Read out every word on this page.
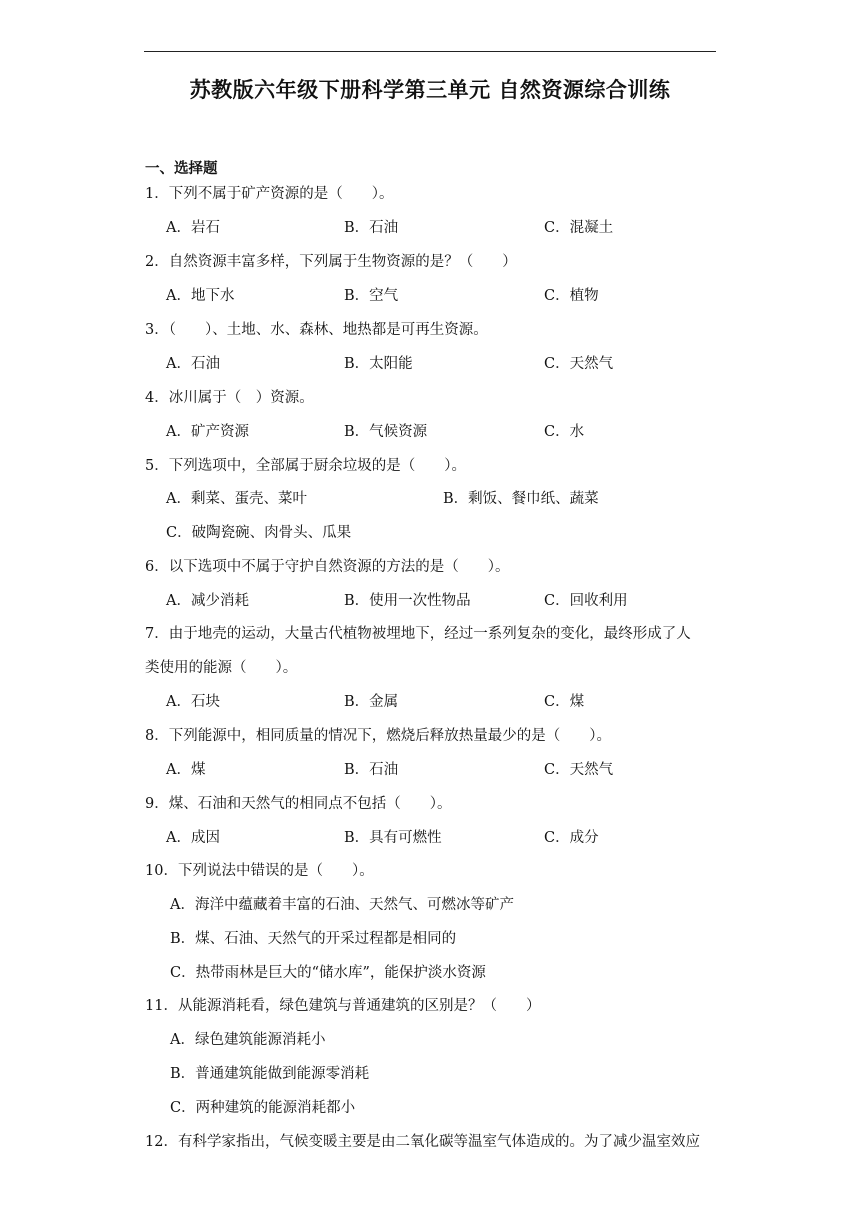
苏教版六年级下册科学第三单元 自然资源综合训练
一、选择题
1．下列不属于矿产资源的是（　　）。
A．岩石	B．石油	C．混凝土
2．自然资源丰富多样，下列属于生物资源的是？（　　）
A．地下水	B．空气	C．植物
3．（　　）、土地、水、森林、地热都是可再生资源。
A．石油	B．太阳能	C．天然气
4．冰川属于（　）资源。
A．矿产资源	B．气候资源	C．水
5．下列选项中，全部属于厨余垃圾的是（　　）。
A．剩菜、蛋壳、菜叶	B．剩饭、餐巾纸、蔬菜
C．破陶瓷碗、肉骨头、瓜果
6．以下选项中不属于守护自然资源的方法的是（　　）。
A．减少消耗	B．使用一次性物品	C．回收利用
7．由于地壳的运动，大量古代植物被埋地下，经过一系列复杂的变化，最终形成了人
类使用的能源（　　）。
A．石块	B．金属	C．煤
8．下列能源中，相同质量的情况下，燃烧后释放热量最少的是（　　）。
A．煤	B．石油	C．天然气
9．煤、石油和天然气的相同点不包括（　　）。
A．成因	B．具有可燃性	C．成分
10．下列说法中错误的是（　　）。
A．海洋中蕴藏着丰富的石油、天然气、可燃冰等矿产
B．煤、石油、天然气的开采过程都是相同的
C．热带雨林是巨大的“储水库”，能保护淡水资源
11．从能源消耗看，绿色建筑与普通建筑的区别是？（　　）
A．绿色建筑能源消耗小
B．普通建筑能做到能源零消耗
C．两种建筑的能源消耗都小
12．有科学家指出，气候变暖主要是由二氧化碳等温室气体造成的。为了减少温室效应
